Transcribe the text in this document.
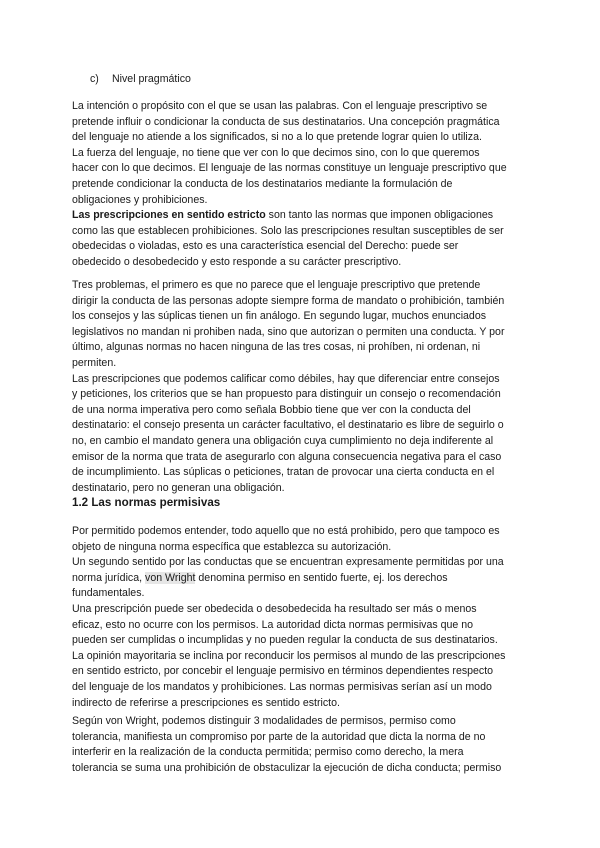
c) Nivel pragmático

La intención o propósito con el que se usan las palabras. Con el lenguaje prescriptivo se
pretende influir o condicionar la conducta de sus destinatarios. Una concepción pragmática
del lenguaje no atiende a los significados, si no a lo que pretende lograr quien lo utiliza.
La fuerza del lenguaje, no tiene que ver con lo que decimos sino, con lo que queremos
hacer con lo que decimos. El lenguaje de las normas constituye un lenguaje prescriptivo que
pretende condicionar la conducta de los destinatarios mediante la formulación de
obligaciones y prohibiciones.
Las prescripciones en sentido estricto son tanto las normas que imponen obligaciones
como las que establecen prohibiciones. Solo las prescripciones resultan susceptibles de ser
obedecidas o violadas, esto es una característica esencial del Derecho: puede ser
obedecido o desobedecido y esto responde a su carácter prescriptivo.
Tres problemas, el primero es que no parece que el lenguaje prescriptivo que pretende
dirigir la conducta de las personas adopte siempre forma de mandato o prohibición, también
los consejos y las súplicas tienen un fin análogo. En segundo lugar, muchos enunciados
legislativos no mandan ni prohiben nada, sino que autorizan o permiten una conducta. Y por
último, algunas normas no hacen ninguna de las tres cosas, ni prohíben, ni ordenan, ni
permiten.
Las prescripciones que podemos calificar como débiles, hay que diferenciar entre consejos
y peticiones, los criterios que se han propuesto para distinguir un consejo o recomendación
de una norma imperativa pero como señala Bobbio tiene que ver con la conducta del
destinatario: el consejo presenta un carácter facultativo, el destinatario es libre de seguirlo o
no, en cambio el mandato genera una obligación cuya cumplimiento no deja indiferente al
emisor de la norma que trata de asegurarlo con alguna consecuencia negativa para el caso
de incumplimiento. Las súplicas o peticiones, tratan de provocar una cierta conducta en el
destinatario, pero no generan una obligación.

1.2 Las normas permisivas

Por permitido podemos entender, todo aquello que no está prohibido, pero que tampoco es
objeto de ninguna norma específica que establezca su autorización.
Un segundo sentido por las conductas que se encuentran expresamente permitidas por una
norma jurídica, von Wright denomina permiso en sentido fuerte, ej. los derechos
fundamentales.
Una prescripción puede ser obedecida o desobedecida ha resultado ser más o menos
eficaz, esto no ocurre con los permisos. La autoridad dicta normas permisivas que no
pueden ser cumplidas o incumplidas y no pueden regular la conducta de sus destinatarios.
La opinión mayoritaria se inclina por reconducir los permisos al mundo de las prescripciones
en sentido estricto, por concebir el lenguaje permisivo en términos dependientes respecto
del lenguaje de los mandatos y prohibiciones. Las normas permisivas serían así un modo
indirecto de referirse a prescripciones es sentido estricto.
Según von Wright, podemos distinguir 3 modalidades de permisos, permiso como
tolerancia, manifiesta un compromiso por parte de la autoridad que dicta la norma de no
interferir en la realización de la conducta permitida; permiso como derecho, la mera
tolerancia se suma una prohibición de obstaculizar la ejecución de dicha conducta; permiso
